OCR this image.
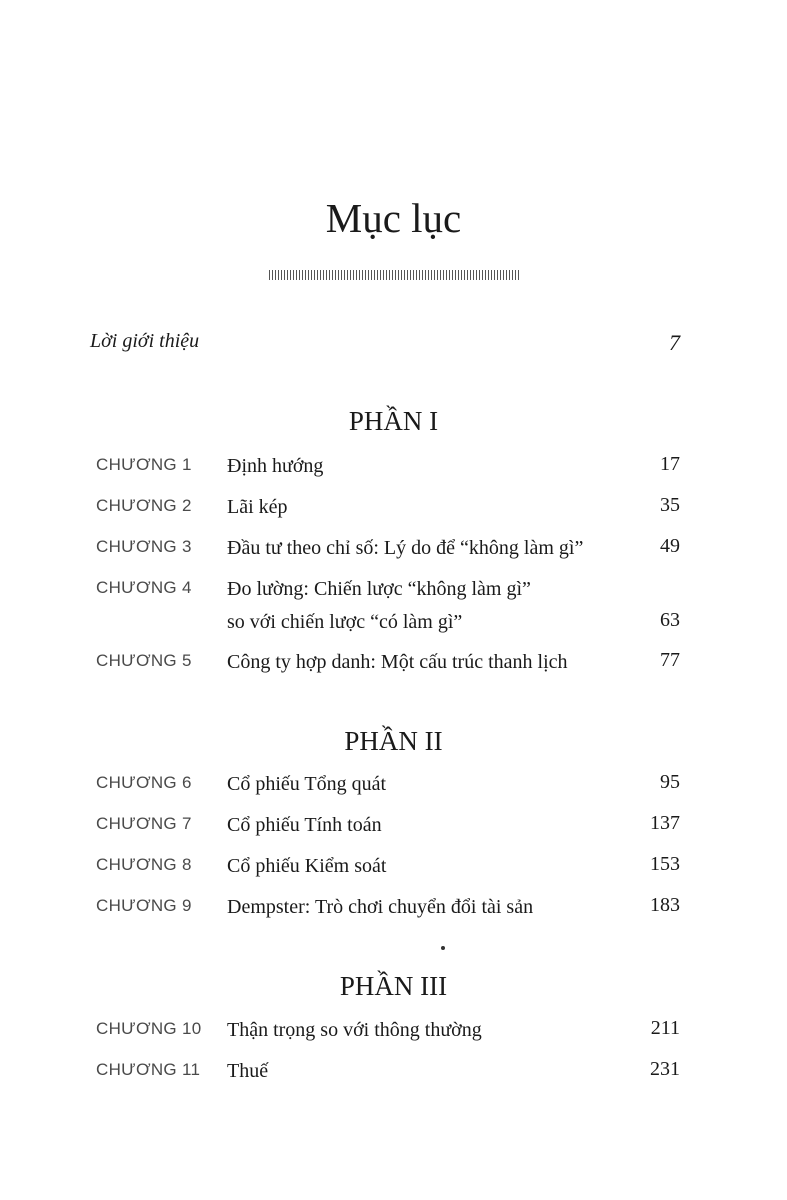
Mục lục
Lời giới thiệu	7
PHẦN I
CHƯƠNG 1 Định hướng	17
CHƯƠNG 2 Lãi kép	35
CHƯƠNG 3 Đầu tư theo chỉ số: Lý do để “không làm gì”	49
CHƯƠNG 4 Đo lường: Chiến lược “không làm gì”
so với chiến lược “có làm gì”	63
CHƯƠNG 5 Công ty hợp danh: Một cấu trúc thanh lịch	77
PHẦN II
CHƯƠNG 6 Cổ phiếu Tổng quát	95
CHƯƠNG 7 Cổ phiếu Tính toán	137
CHƯƠNG 8 Cổ phiếu Kiểm soát	153
CHƯƠNG 9 Dempster: Trò chơi chuyển đổi tài sản	183
PHẦN III
CHƯƠNG 10 Thận trọng so với thông thường	211
CHƯƠNG 11 Thuế	231
